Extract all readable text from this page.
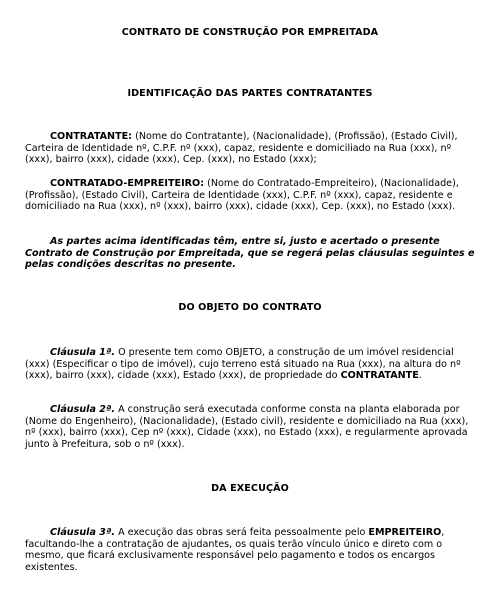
CONTRATO DE CONSTRUÇÃO POR EMPREITADA
IDENTIFICAÇÃO DAS PARTES CONTRATANTES
CONTRATANTE: (Nome do Contratante), (Nacionalidade), (Profissão), (Estado Civil), Carteira de Identidade nº, C.P.F. nº (xxx), capaz, residente e domiciliado na Rua (xxx), nº (xxx), bairro (xxx), cidade (xxx), Cep. (xxx), no Estado (xxx);
CONTRATADO-EMPREITEIRO: (Nome do Contratado-Empreiteiro), (Nacionalidade), (Profissão), (Estado Civil), Carteira de Identidade (xxx), C.P.F. nº (xxx), capaz, residente e domiciliado na Rua (xxx), nº (xxx), bairro (xxx), cidade (xxx), Cep. (xxx), no Estado (xxx).
As partes acima identificadas têm, entre si, justo e acertado o presente Contrato de Construção por Empreitada, que se regerá pelas cláusulas seguintes e pelas condições descritas no presente.
DO OBJETO DO CONTRATO
Cláusula 1ª. O presente tem como OBJETO, a construção de um imóvel residencial (xxx) (Especificar o tipo de imóvel), cujo terreno está situado na Rua (xxx), na altura do nº (xxx), bairro (xxx), cidade (xxx), Estado (xxx), de propriedade do CONTRATANTE.
Cláusula 2ª. A construção será executada conforme consta na planta elaborada por (Nome do Engenheiro), (Nacionalidade), (Estado civil), residente e domiciliado na Rua (xxx), nº (xxx), bairro (xxx), Cep nº (xxx), Cidade (xxx), no Estado (xxx), e regularmente aprovada junto à Prefeitura, sob o nº (xxx).
DA EXECUÇÃO
Cláusula 3ª. A execução das obras será feita pessoalmente pelo EMPREITEIRO, facultando-lhe a contratação de ajudantes, os quais terão vínculo único e direto com o mesmo, que ficará exclusivamente responsável pelo pagamento e todos os encargos existentes.
